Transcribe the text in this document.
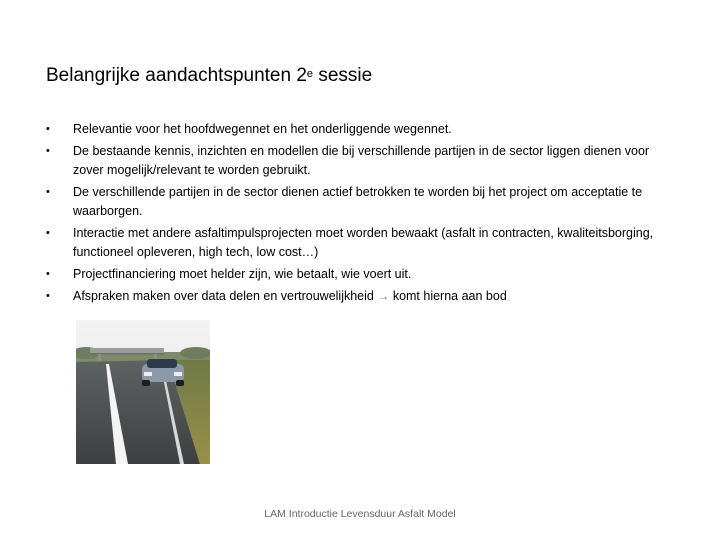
Belangrijke aandachtspunten 2e sessie
• Relevantie voor het hoofdwegennet en het onderliggende wegennet.
• De bestaande kennis, inzichten en modellen die bij verschillende partijen in de sector liggen dienen voor zover mogelijk/relevant te worden gebruikt.
• De verschillende partijen in de sector dienen actief betrokken te worden bij het project om acceptatie te waarborgen.
• Interactie met andere asfaltimpulsprojecten moet worden bewaakt (asfalt in contracten, kwaliteitsborging, functioneel opleveren, high tech, low cost…)
• Projectfinanciering moet helder zijn, wie betaalt, wie voert uit.
• Afspraken maken over data delen en vertrouwelijkheid → komt hierna aan bod
LAM Introductie Levensduur Asfalt Model
